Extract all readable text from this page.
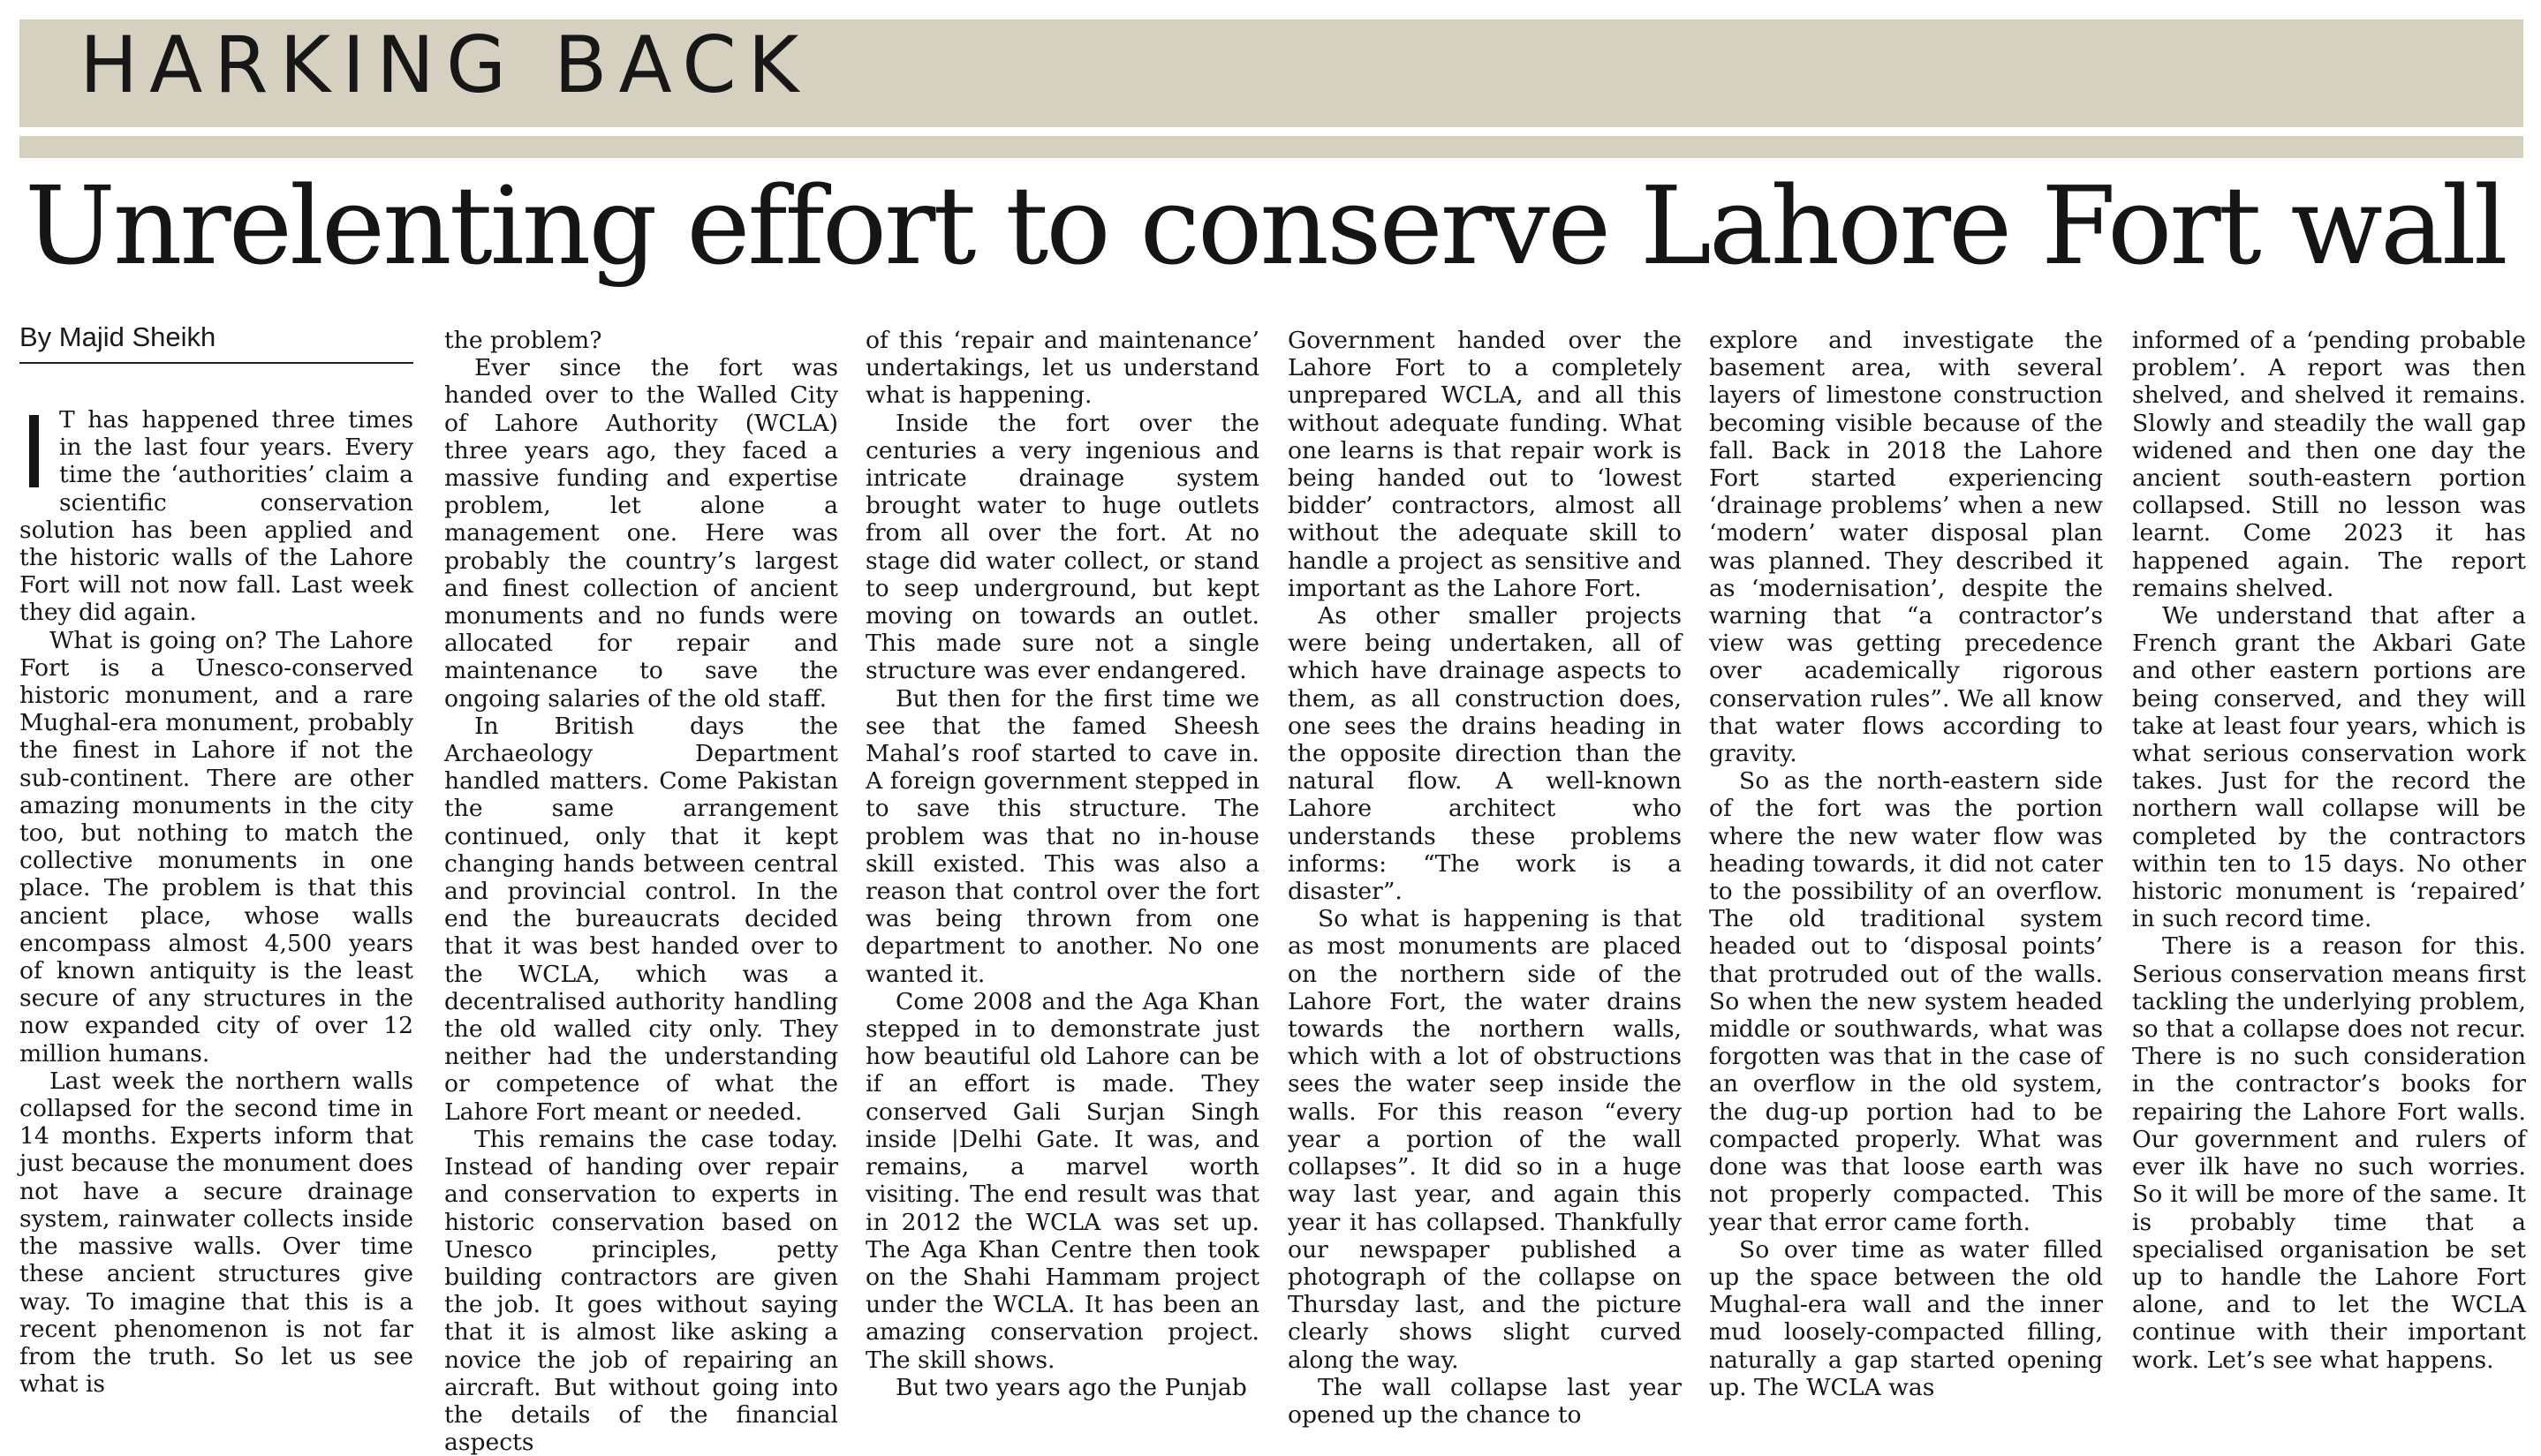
HARKING BACK
Unrelenting effort to conserve Lahore Fort wall
By Majid Sheikh

I T has happened three times in the last four years. Every time the ‘authorities’ claim a scientific conservation solution has been applied and the historic walls of the Lahore Fort will not now fall. Last week they did again.

What is going on? The Lahore Fort is a Unesco-conserved historic monument, and a rare Mughal-era monument, probably the finest in Lahore if not the sub-continent. There are other amazing monuments in the city too, but nothing to match the collective monuments in one place. The problem is that this ancient place, whose walls encompass almost 4,500 years of known antiquity is the least secure of any structures in the now expanded city of over 12 million humans.

Last week the northern walls collapsed for the second time in 14 months. Experts inform that just because the monument does not have a secure drainage system, rainwater collects inside the massive walls. Over time these ancient structures give way. To imagine that this is a recent phenomenon is not far from the truth. So let us see what is

the problem?

Ever since the fort was handed over to the Walled City of Lahore Authority (WCLA) three years ago, they faced a massive funding and expertise problem, let alone a management one. Here was probably the country’s largest and finest collection of ancient monuments and no funds were allocated for repair and maintenance to save the ongoing salaries of the old staff.

In British days the Archaeology Department handled matters. Come Pakistan the same arrangement continued, only that it kept changing hands between central and provincial control. In the end the bureaucrats decided that it was best handed over to the WCLA, which was a decentralised authority handling the old walled city only. They neither had the understanding or competence of what the Lahore Fort meant or needed.

This remains the case today. Instead of handing over repair and conservation to experts in historic conservation based on Unesco principles, petty building contractors are given the job. It goes without saying that it is almost like asking a novice the job of repairing an aircraft. But without going into the details of the financial aspects

of this ‘repair and maintenance’ undertakings, let us understand what is happening.

Inside the fort over the centuries a very ingenious and intricate drainage system brought water to huge outlets from all over the fort. At no stage did water collect, or stand to seep underground, but kept moving on towards an outlet. This made sure not a single structure was ever endangered.

But then for the first time we see that the famed Sheesh Mahal’s roof started to cave in. A foreign government stepped in to save this structure. The problem was that no in-house skill existed. This was also a reason that control over the fort was being thrown from one department to another. No one wanted it.

Come 2008 and the Aga Khan stepped in to demonstrate just how beautiful old Lahore can be if an effort is made. They conserved Gali Surjan Singh inside |Delhi Gate. It was, and remains, a marvel worth visiting. The end result was that in 2012 the WCLA was set up. The Aga Khan Centre then took on the Shahi Hammam project under the WCLA. It has been an amazing conservation project. The skill shows.

But two years ago the Punjab

Government handed over the Lahore Fort to a completely unprepared WCLA, and all this without adequate funding. What one learns is that repair work is being handed out to ‘lowest bidder’ contractors, almost all without the adequate skill to handle a project as sensitive and important as the Lahore Fort.

As other smaller projects were being undertaken, all of which have drainage aspects to them, as all construction does, one sees the drains heading in the opposite direction than the natural flow. A well-known Lahore architect who understands these problems informs: “The work is a disaster”.

So what is happening is that as most monuments are placed on the northern side of the Lahore Fort, the water drains towards the northern walls, which with a lot of obstructions sees the water seep inside the walls. For this reason “every year a portion of the wall collapses”. It did so in a huge way last year, and again this year it has collapsed. Thankfully our newspaper published a photograph of the collapse on Thursday last, and the picture clearly shows slight curved along the way.

The wall collapse last year opened up the chance to

explore and investigate the basement area, with several layers of limestone construction becoming visible because of the fall. Back in 2018 the Lahore Fort started experiencing ‘drainage problems’ when a new ‘modern’ water disposal plan was planned. They described it as ‘modernisation’, despite the warning that “a contractor’s view was getting precedence over academically rigorous conservation rules”. We all know that water flows according to gravity.

So as the north-eastern side of the fort was the portion where the new water flow was heading towards, it did not cater to the possibility of an overflow. The old traditional system headed out to ‘disposal points’ that protruded out of the walls. So when the new system headed middle or southwards, what was forgotten was that in the case of an overflow in the old system, the dug-up portion had to be compacted properly. What was done was that loose earth was not properly compacted. This year that error came forth.

So over time as water filled up the space between the old Mughal-era wall and the inner mud loosely-compacted filling, naturally a gap started opening up. The WCLA was

informed of a ‘pending probable problem’. A report was then shelved, and shelved it remains. Slowly and steadily the wall gap widened and then one day the ancient south-eastern portion collapsed. Still no lesson was learnt. Come 2023 it has happened again. The report remains shelved.

We understand that after a French grant the Akbari Gate and other eastern portions are being conserved, and they will take at least four years, which is what serious conservation work takes. Just for the record the northern wall collapse will be completed by the contractors within ten to 15 days. No other historic monument is ‘repaired’ in such record time.

There is a reason for this. Serious conservation means first tackling the underlying problem, so that a collapse does not recur. There is no such consideration in the contractor’s books for repairing the Lahore Fort walls. Our government and rulers of ever ilk have no such worries. So it will be more of the same. It is probably time that a specialised organisation be set up to handle the Lahore Fort alone, and to let the WCLA continue with their important work. Let’s see what happens.
